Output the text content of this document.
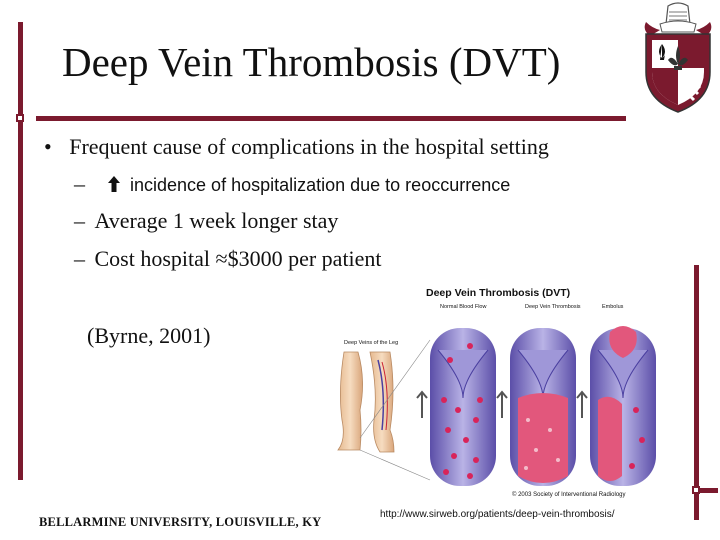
Deep Vein Thrombosis (DVT)
• Frequent cause of complications in the hospital setting
–	incidence of hospitalization due to reoccurrence
– Average 1 week longer stay
– Cost hospital ≈$3000 per patient
(Byrne, 2001)
Deep Vein Thrombosis (DVT)
Deep Veins of the Leg
Normal Blood Flow	Deep Vein Thrombosis	Embolus
© 2003 Society of Interventional Radiology
http://www.sirweb.org/patients/deep-vein-thrombosis/
BELLARMINE UNIVERSITY, LOUISVILLE, KY
